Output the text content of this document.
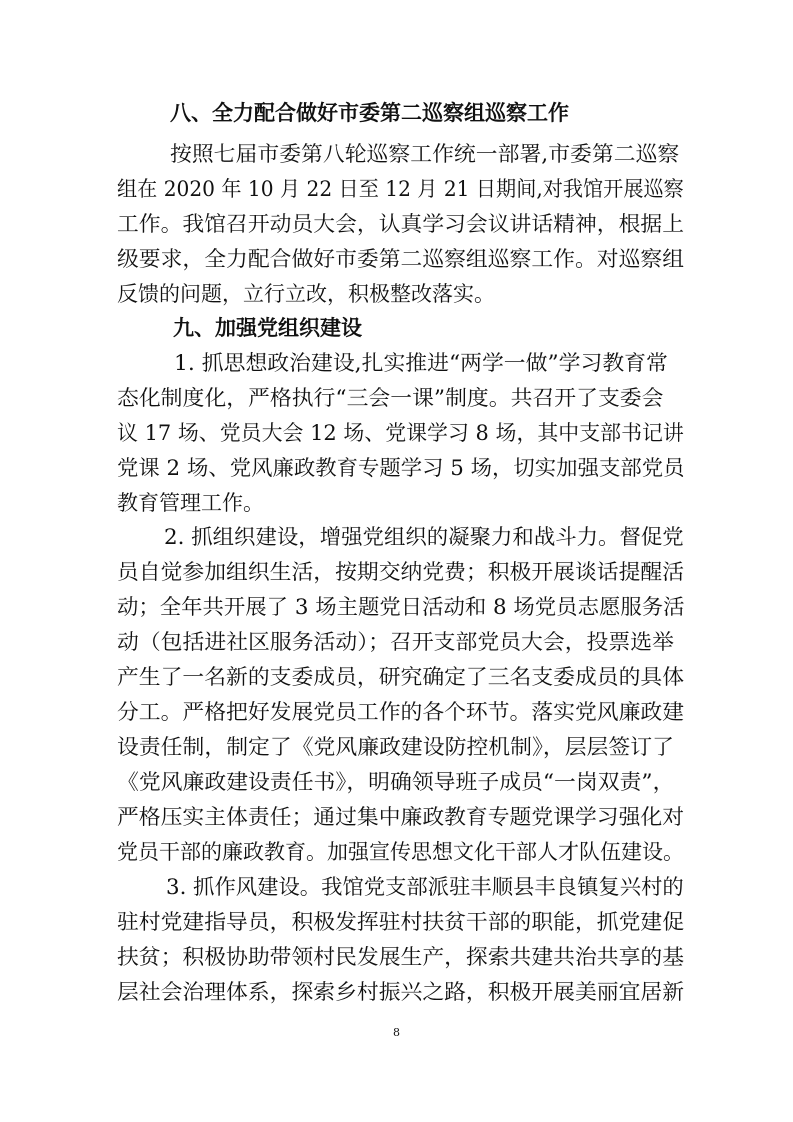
八、全力配合做好市委第二巡察组巡察工作
按照七届市委第八轮巡察工作统一部署,市委第二巡察
组在 2020 年 10 月 22 日至 12 月 21 日期间,对我馆开展巡察
工作。我馆召开动员大会，认真学习会议讲话精神，根据上
级要求，全力配合做好市委第二巡察组巡察工作。对巡察组
反馈的问题，立行立改，积极整改落实。
九、加强党组织建设
1. 抓思想政治建设,扎实推进“两学一做”学习教育常
态化制度化，严格执行“三会一课”制度。共召开了支委会
议 17 场、党员大会 12 场、党课学习 8 场，其中支部书记讲
党课 2 场、党风廉政教育专题学习 5 场，切实加强支部党员
教育管理工作。
2. 抓组织建设，增强党组织的凝聚力和战斗力。督促党
员自觉参加组织生活，按期交纳党费；积极开展谈话提醒活
动；全年共开展了 3 场主题党日活动和 8 场党员志愿服务活
动（包括进社区服务活动）；召开支部党员大会，投票选举
产生了一名新的支委成员，研究确定了三名支委成员的具体
分工。严格把好发展党员工作的各个环节。落实党风廉政建
设责任制，制定了《党风廉政建设防控机制》，层层签订了
《党风廉政建设责任书》，明确领导班子成员“一岗双责”，
严格压实主体责任；通过集中廉政教育专题党课学习强化对
党员干部的廉政教育。加强宣传思想文化干部人才队伍建设。
3. 抓作风建设。我馆党支部派驻丰顺县丰良镇复兴村的
驻村党建指导员，积极发挥驻村扶贫干部的职能，抓党建促
扶贫；积极协助带领村民发展生产，探索共建共治共享的基
层社会治理体系，探索乡村振兴之路，积极开展美丽宜居新
8
